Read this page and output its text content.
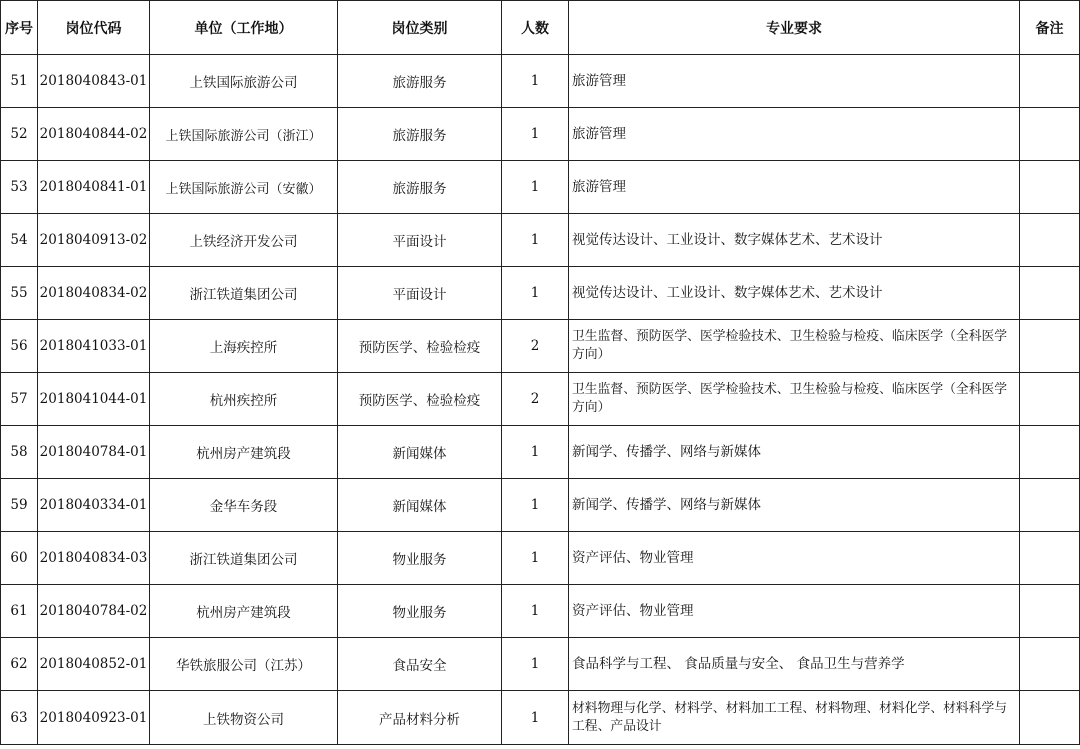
序号	岗位代码	单位（工作地）	岗位类别	人数	专业要求	备注
51	2018040843-01	上铁国际旅游公司	旅游服务	1	旅游管理	
52	2018040844-02	上铁国际旅游公司（浙江）	旅游服务	1	旅游管理	
53	2018040841-01	上铁国际旅游公司（安徽）	旅游服务	1	旅游管理	
54	2018040913-02	上铁经济开发公司	平面设计	1	视觉传达设计、工业设计、数字媒体艺术、艺术设计	
55	2018040834-02	浙江铁道集团公司	平面设计	1	视觉传达设计、工业设计、数字媒体艺术、艺术设计	
56	2018041033-01	上海疾控所	预防医学、检验检疫	2	卫生监督、预防医学、医学检验技术、卫生检验与检疫、临床医学（全科医学方向）	
57	2018041044-01	杭州疾控所	预防医学、检验检疫	2	卫生监督、预防医学、医学检验技术、卫生检验与检疫、临床医学（全科医学方向）	
58	2018040784-01	杭州房产建筑段	新闻媒体	1	新闻学、传播学、网络与新媒体	
59	2018040334-01	金华车务段	新闻媒体	1	新闻学、传播学、网络与新媒体	
60	2018040834-03	浙江铁道集团公司	物业服务	1	资产评估、物业管理	
61	2018040784-02	杭州房产建筑段	物业服务	1	资产评估、物业管理	
62	2018040852-01	华铁旅服公司（江苏）	食品安全	1	食品科学与工程、 食品质量与安全、 食品卫生与营养学	
63	2018040923-01	上铁物资公司	产品材料分析	1	材料物理与化学、材料学、材料加工工程、材料物理、材料化学、材料科学与工程、产品设计	
